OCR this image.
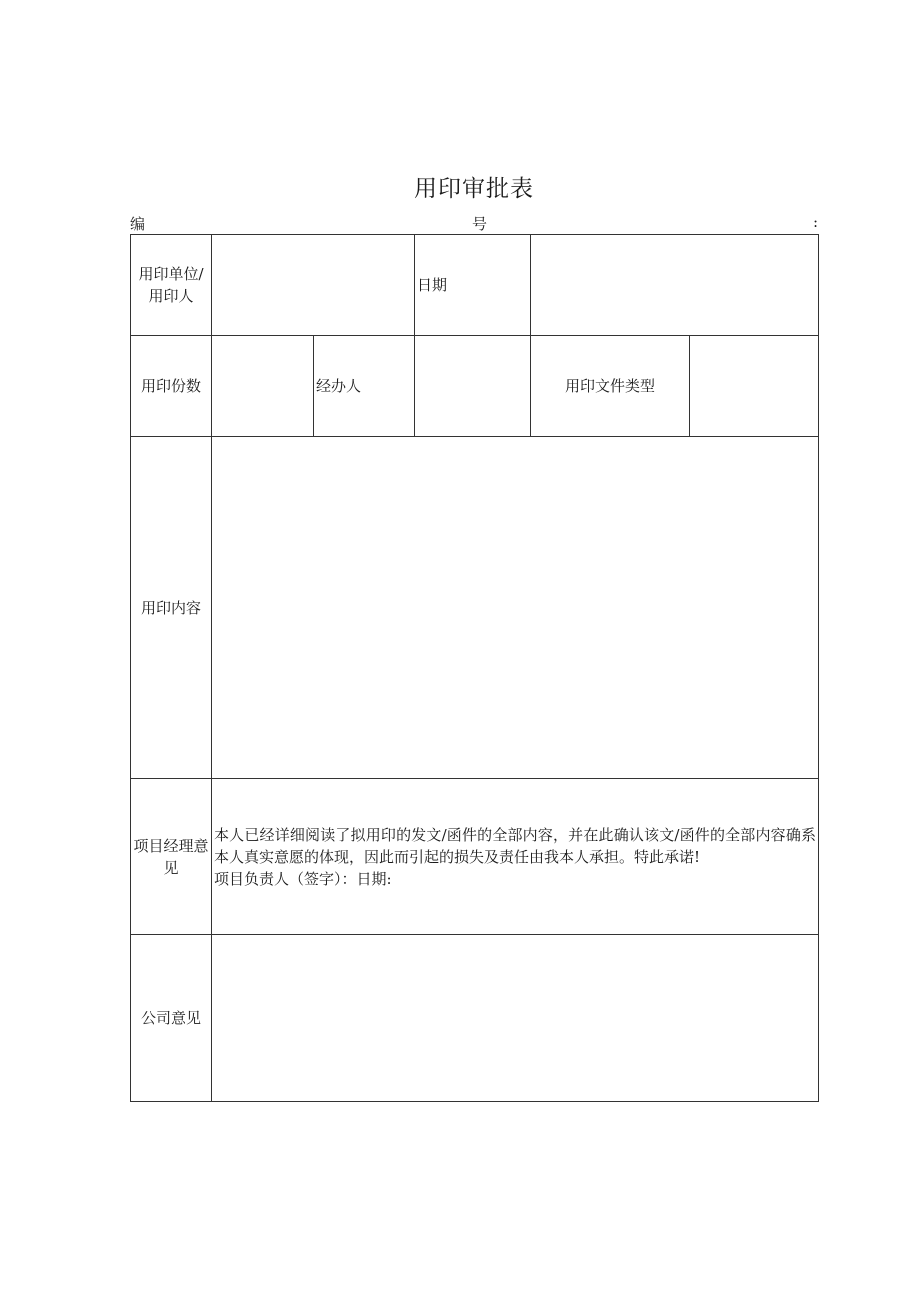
用印审批表
编	号	:
用印单位/用印人			日期		
用印份数		经办人		用印文件类型	
用印内容					
项目经理意见	本人已经详细阅读了拟用印的发文/函件的全部内容，并在此确认该文/函件的全部内容确系本人真实意愿的体现，因此而引起的损失及责任由我本人承担。特此承诺!

项目负责人（签字）：日期:				

公司意见					
